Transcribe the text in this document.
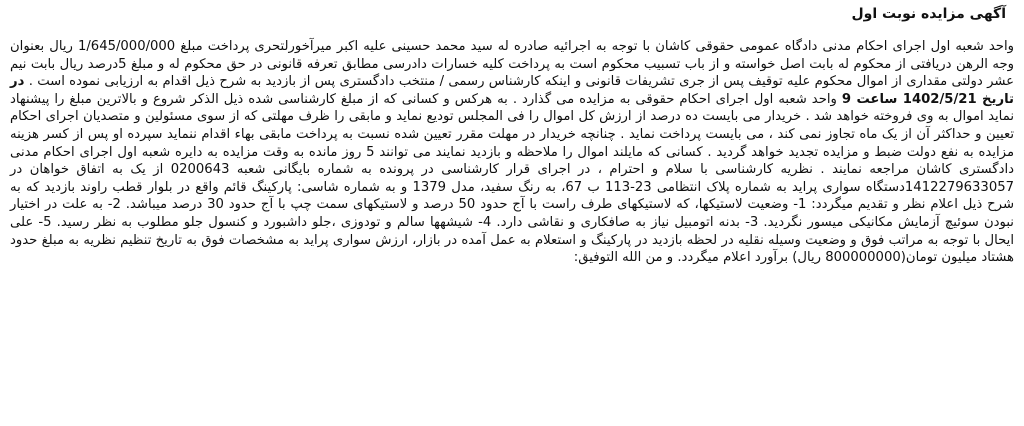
آگهی مزایده نوبت اول

واحد شعبه اول اجرای احکام مدنی دادگاه عمومی حقوقی کاشان با توجه به اجرائیه صادره له سید محمد حسینی علیه اکبر میرآخورلتحری پرداخت مبلغ 1/645/000/000 ریال بعنوان وجه الرهن دریافتی از محکوم له بابت اصل خواسته و از باب تسبیب محکوم است به پرداخت کلیه خسارات دادرسی مطابق تعرفه قانونی در حق محکوم له و مبلغ 5درصد ریال بابت نیم عشر دولتی مقداری از اموال محکوم علیه توقیف پس از جری تشریفات قانونی و اینکه کارشناس رسمی / منتخب دادگستری پس از بازدید به شرح ذیل اقدام به ارزیابی نموده است . در تاریخ 1402/5/21 ساعت 9 واحد شعبه اول اجرای احکام حقوقی به مزایده می گذارد . به هرکس و کسانی که از مبلغ کارشناسی شده ذیل الذکر شروع و بالاترین مبلغ را پیشنهاد نماید اموال به وی فروخته خواهد شد . خریدار می بایست ده درصد از ارزش کل اموال را فی المجلس تودیع نماید و مابقی را ظرف مهلتی که از سوی مسئولین و متصدیان اجرای احکام تعیین و حداکثر آن از یک ماه تجاوز نمی کند ، می بایست پرداخت نماید . چنانچه خریدار در مهلت مقرر تعیین شده نسبت به پرداخت مابقی بهاء اقدام ننماید سپرده او پس از کسر هزینه مزایده به نفع دولت ضبط و مزایده تجدید خواهد گردید . کسانی که مایلند اموال را ملاحظه و بازدید نمایند می توانند 5 روز مانده به وقت مزایده به دایره شعبه اول اجرای احکام مدنی دادگستری کاشان مراجعه نمایند . نظریه کارشناسی با سلام و احترام ، در اجرای قرار کارشناسی در پرونده به شماره بایگانی شعبه 0200643 از یک به اتفاق خواهان در 1412279633057دستگاه سواری پراید به شماره پلاک انتظامی 23-113 ب 67، به رنگ سفید، مدل 1379 و به شماره شاسی: پارکینگ قائم واقع در بلوار قطب راوند بازدید که به شرح ذیل اعلام نظر و تقدیم میگردد: 1- وضعیت لاستیکها، که لاستیکهای طرف راست با آج حدود 50 درصد و لاستیکهای سمت چپ با آج حدود 30 درصد میباشد. 2- به علت در اختیار نبودن سوئیچ آزمایش مکانیکی میسور نگردید. 3- بدنه اتومبیل نیاز به صافکاری و نقاشی دارد. 4- شیشهها سالم و تودوزی ،جلو داشبورد و کنسول جلو مطلوب به نظر رسید. 5- علی ایحال با توجه به مراتب فوق و وضعیت وسیله نقلیه در لحظه بازدید در پارکینگ و استعلام به عمل آمده در بازار، ارزش سواری پراید به مشخصات فوق به تاریخ تنظیم نظریه به مبلغ حدود هشتاد میلیون تومان(800000000 ریال) برآورد اعلام میگردد. و من الله التوفیق:
